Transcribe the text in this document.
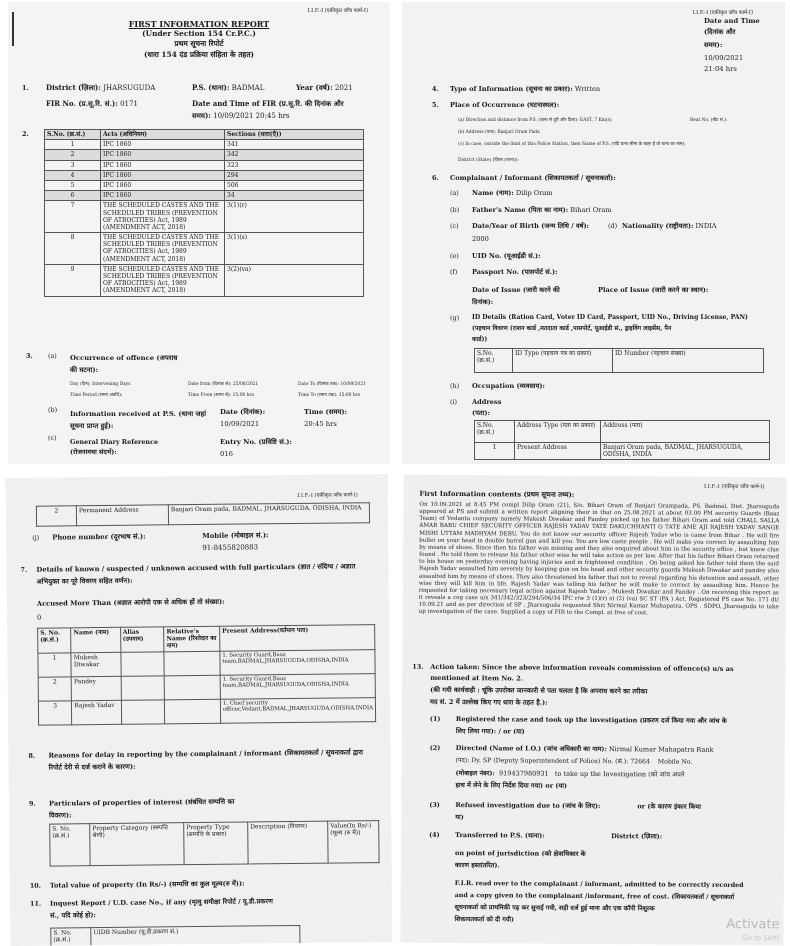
I.I.F.-I (एकीकृत जाँच फार्म-I)
FIRST INFORMATION REPORT
(Under Section 154 Cr.P.C.)
प्रथम सूचना रिपोर्ट
(धारा 154 दंड प्रक्रिया संहिता के तहत)
1. District (ज़िला): JHARSUGUDA	P.S. (थाना): BADMAL	Year (वर्ष): 2021
FIR No. (प्र.सू.रि. सं.): 0171	Date and Time of FIR (प्र.सू.रि. की दिनांक और
समय): 10/09/2021 20:45 hrs
2.	S.No. (क्र.सं.)	Acts (अधिनियम)	Sections (धारा(एँ))
1	IPC 1860	341
2	IPC 1860	342
3	IPC 1860	323
4	IPC 1860	294
5	IPC 1860	506
6	IPC 1860	34
7	THE SCHEDULED CASTES AND THE SCHEDULED TRIBES (PREVENTION OF ATROCITIES) Act, 1989 (AMENDMENT ACT, 2018)	3(1)(r)
8	THE SCHEDULED CASTES AND THE SCHEDULED TRIBES (PREVENTION OF ATROCITIES) Act, 1989 (AMENDMENT ACT, 2018)	3(1)(s)
9	THE SCHEDULED CASTES AND THE SCHEDULED TRIBES (PREVENTION OF ATROCITIES) Act, 1989 (AMENDMENT ACT, 2018)	3(2)(va)
3. (a) Occurrence of offence (अपराध
की घटना):
Day (दिन): Intervening Days	Date from (दिनांक से): 25/08/2021	Date To (दिनांक तक): 10/09/2021
Time Period (समय अवधि):	Time From (समय से): 15:00 hrs	Time To (समय तक): 15:00 hrs
(b) Information received at P.S. (थाना जहां
सूचना प्राप्त हुई):
Date (दिनांक):
10/09/2021
Time (समय):
20:45 hrs
(c) General Diary Reference
(रोजनामचा संदर्भ):
Entry No. (प्रविष्टि सं.):
016
I.I.F.-I (एकीकृत जाँच फार्म-I)
Date and Time
(दिनांक और
समय):
10/09/2021
21:04 hrs
4. Type of Information (सूचना का प्रकार): Written
5. Place of Occurrence (घटनास्थल):
(a) Direction and distance from P.S. (थाना से दूरी और दिशा): EAST, 7 Km(s)	Beat No. (बीट सं.):
(b) Address (पता): Banjari Oram Pada
(c) In case, outside the limit of this Police Station, then Name of P.S. (यदि थाना सीमा के बाहर है तो थाना का नाम):
District (State) (ज़िला (राज्य)):
6. Complainant / Informant (शिकायतकर्ता / सूचनाकर्ता):
(a) Name (नाम): Dilip Oram
(b) Father's Name (पिता का नाम): Bihari Oram
(c) Date/Year of Birth (जन्म तिथि / वर्ष):
2000
(d) Nationality (राष्ट्रीयता): INDIA
(e) UID No. (यूआईडी सं.):
(f) Passport No. (पासपोर्ट सं.):
Date of Issue (जारी करने की
दिनांक):
Place of Issue (जारी करने का स्थान):
(g) ID Details (Ration Card, Voter ID Card, Passport, UID No., Driving License, PAN)
(पहचान विवरण (राशन कार्ड ,मतदाता कार्ड ,पासपोर्ट, यूआईडी सं., ड्राइविंग लाइसेंस, पैन
कार्ड))
S.No. (क्र.सं.)	ID Type (पहचान पत्र का प्रकार)	ID Number (पहचान संख्या)
(h) Occupation (व्यवसाय):
(i) Address
(पता):
S.No. (क्र.सं.)	Address Type (पता का प्रकार)	Address (पता)
1	Present Address	Banjari Oram pada, BADMAL, JHARSUGUDA, ODISHA, INDIA
I.I.F.-I (एकीकृत जाँच फार्म-I)
2	Permanent Address	Banjari Oram pada, BADMAL, JHARSUGUDA, ODISHA, INDIA
(j) Phone number (दूरभाष सं.):	Mobile (मोबाइल सं.):
91-8455820883
7. Details of known / suspected / unknown accused with full particulars (ज्ञात / संदिग्ध / अज्ञात
अभियुक्त का पूरे विवरण सहित वर्णन):
Accused More Than (अज्ञात आरोपी एक से अधिक हों तो संख्या):
0
S. No. (क्र.सं.)	Name (नाम)	Alias (उपनाम)	Relative's Name (रिश्तेदार का नाम)	Present Address(वर्तमान पता)
1	Mukesh Diwakar			1. Security Guard,Baaz team,BADMAL,JHARSUGUDA,ODISHA,INDIA
2	Pandey			1. Security Guard,Baaz team,BADMAL,JHARSUGUDA,ODISHA,INDIA
3	Rajesh Yadav			1. Chief security officer,Vedant,BADMAL,JHARSUGUDA,ODISHA,INDIA
8. Reasons for delay in reporting by the complainant / informant (शिकायतकर्ता / सूचनाकर्ता द्वारा
रिपोर्ट देरी से दर्ज कराने के कारण):
9. Particulars of properties of interest (संबंधित सम्पत्ति का
विवरण):
S. No. (क्र.सं.)	Property Category (सम्पत्ति श्रेणी)	Property Type (सम्पत्ति के प्रकार)	Description (विवरण)	Value(In Rs/-) (मूल्य (रु में))
10. Total value of property (In Rs/-) (सम्पत्ति का कुल मूल्य(रु में)):
11. Inquest Report / U.D. case No., if any (मृत्यु समीक्षा रिपोर्ट / यू.डी.प्रकरण
सं., यदि कोई हो):
S. No. (क्र.सं.)	UIDB Number (यू.डी.प्रकरण सं.)
I.I.F.-I (एकीकृत जाँच फार्म-I)
First Information contents (प्रथम सूचना तथ्य):
On 10.09.2021 at 8.45 PM compl Dilip Oram (21), S/o. Bihari Oram of Banjari Orampada, PS. Badmal, Dist. Jharsuguda appeared at PS and submit a written report aligning their in that on 25.08.2021 at about 03.00 PM security Guards (Baaz Team) of Vedanta company namely Mukesh Diwakar and Pandey picked up his father Bihari Oram and told CHALL SALLA AMAR BABU CHIEF SECURITY OFFICER RAJESH YADAV TATE DAKUCHHANTI O TATE AME AJI RAJESH YADAV SANGE MISHI UTTAM MADHYAM DEBU. You do not know our security officer Rajesh Yadav who is came from Bihar . He will fire bullet on your head in double barrel gun and kill you. You are low caste people . He will make you correct by assaulting him by means of shoes. Since then his father was missing and they also enquired about him in the security office , but knew clue found . He told them to release his father other wise he will take action as per law. After that his father Bihari Oram returned to his house on yesterday evening having injuries and in frightened condition . On being asked his father told them the said Rajesh Yadav assaulted him severely by keeping gun on his head and other security guards Mukesh Diwakar and pandey also assaulted him by means of shoes. They also threatened his father that not to reveal regarding his detention and assault, other wise they will kill him in life. Rajesh Yadav was telling his father he will make to correct by assaulting him. Hence he requested for taking necessary legal action against Rajesh Yadav , Mukesh Diwakar and Pandey . On receiving this report as it reveals a cog case u/s 341/342/323/294/506/34 IPC r/w 3 (1)(r) s) (2) (va) SC ST (PA ) Act. Registered PS case No. 171 dt/ 10.09.21 and as per direction of SP , Jharsuguda requested Shri Nirmal Kumar Mahapatra, OPS , SDPO, Jharsuguda to take up investigation of the case. Supplied a copy of FIR to the Compl. at free of cost.
13. Action taken: Since the above information reveals commission of offence(s) u/s as
mentioned at Item No. 2.
(की गयी कार्यवाही : चूंकि उपरोक्त जानकारी से पता चलता है कि अपराध करने का तरीका
मद सं. 2 में उल्लेख किए गए धारा के तहत है.):
(1) Registered the case and took up the investigation (प्रकरण दर्ज किया गया और जांच के
लिए लिया गया): / or (या)
(2) Directed (Name of I.O.) (जांच अधिकारी का नाम): Nirmal Kumar Mahapatra Rank
(पद): Dy. SP (Deputy Superintendent of Police) No. (सं.): 72664 Mobile No.
(मोबाइल नंबर): 919437980931 to take up the Investigation (को जांच अपने
हाथ में लेने के लिए निर्देश दिया गया) or (या)
(3) Refused investigation due to (जांच के लिए):	or (के कारण इंकार किया
या)
(4) Transferred to P.S. (थाना):	District (ज़िला):
on point of jurisdiction (को क्षेत्राधिकार के
कारण हस्तांतरित).
F.I.R. read over to the complainant / informant, admitted to be correctly recorded
and a copy given to the complainant /informant, free of cost. (शिकायतकर्ता / सूचनाकर्ता
सूचनाकर्ता को प्राथमिकी पढ़ कर सुनाई गयी, सही दर्ज हुई माना और एक कॉपी निशुल्क
शिकायतकर्ता को दी गयी)	Activate
Go to Setti
